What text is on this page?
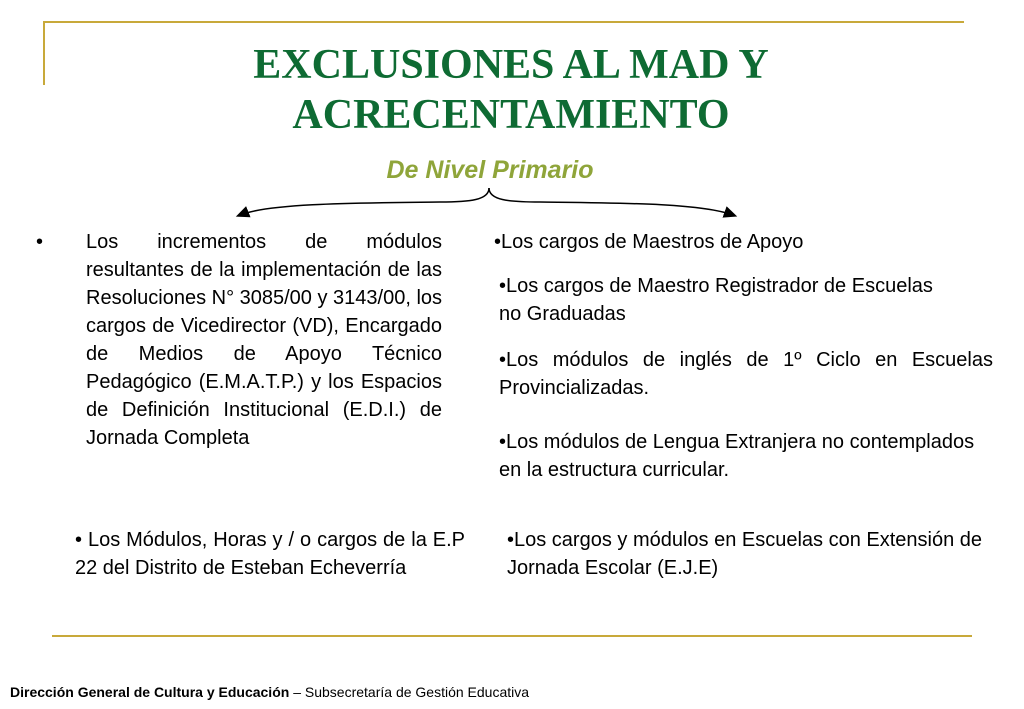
EXCLUSIONES AL MAD Y
ACRECENTAMIENTO
De Nivel Primario
• Los incrementos de módulos resultantes de la implementación de las Resoluciones N° 3085/00 y 3143/00, los cargos de Vicedirector (VD), Encargado de Medios de Apoyo Técnico Pedagógico (E.M.A.T.P.) y los Espacios de Definición Institucional (E.D.I.) de Jornada Completa
• Los Módulos, Horas y / o cargos de la E.P 22 del Distrito de Esteban Echeverría
•Los cargos de Maestros de Apoyo
•Los cargos de Maestro Registrador de Escuelas no Graduadas
•Los módulos de inglés de 1º Ciclo en Escuelas Provincializadas.
•Los módulos de Lengua Extranjera no contemplados en la estructura curricular.
•Los cargos y módulos en Escuelas con Extensión de Jornada Escolar (E.J.E)
Dirección General de Cultura y Educación – Subsecretaría de Gestión Educativa
